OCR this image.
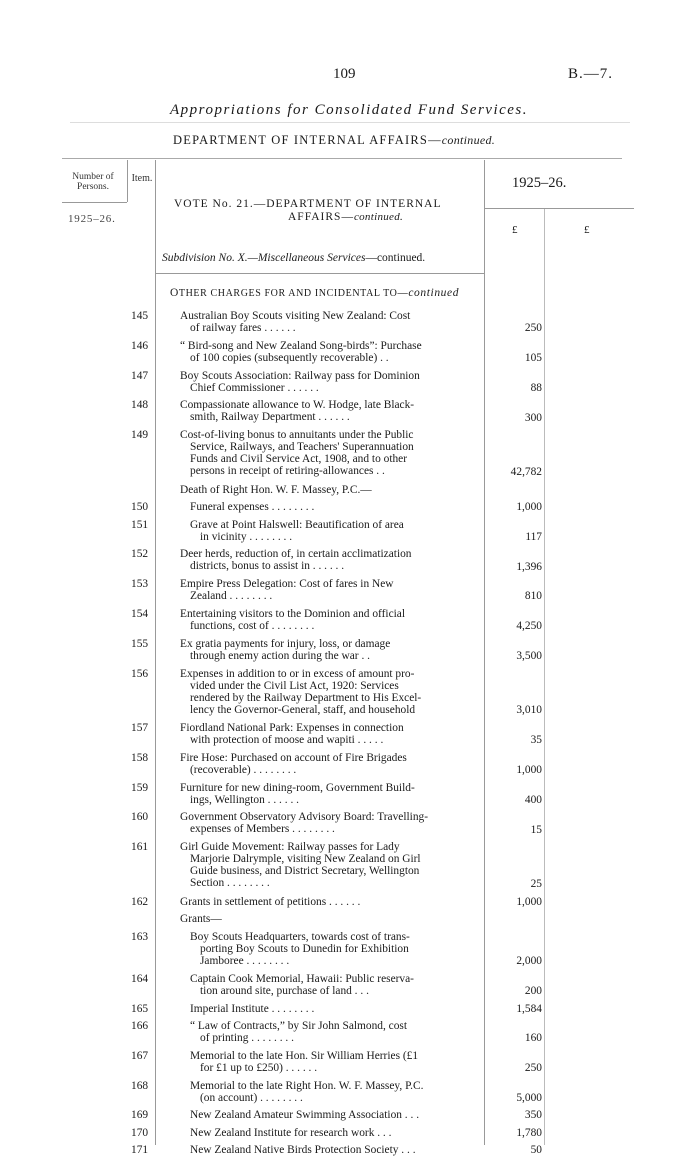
109	B.—7.
Appropriations for Consolidated Fund Services.
DEPARTMENT OF INTERNAL AFFAIRS—continued.
Number of Persons.
Item.	1925–26.
1925–26.
£	£
VOTE No. 21.—DEPARTMENT OF INTERNAL
AFFAIRS—continued.
Subdivision No. X.—Miscellaneous Services—continued.
OTHER CHARGES FOR AND INCIDENTAL TO—continued
145	Australian Boy Scouts visiting New Zealand: Cost
of railway fares . . . . . .	250
146	“ Bird-song and New Zealand Song-birds”: Purchase
of 100 copies (subsequently recoverable) . .	105
147	Boy Scouts Association: Railway pass for Dominion
Chief Commissioner . . . . . .	88
148	Compassionate allowance to W. Hodge, late Black-
smith, Railway Department . . . . . .	300
149	Cost-of-living bonus to annuitants under the Public
Service, Railways, and Teachers' Superannuation
Funds and Civil Service Act, 1908, and to other
persons in receipt of retiring-allowances . .	42,782
Death of Right Hon. W. F. Massey, P.C.—
150	Funeral expenses . . . . . . . .	1,000
151	Grave at Point Halswell: Beautification of area
in vicinity . . . . . . . .	117
152	Deer herds, reduction of, in certain acclimatization
districts, bonus to assist in . . . . . .	1,396
153	Empire Press Delegation: Cost of fares in New
Zealand . . . . . . . .	810
154	Entertaining visitors to the Dominion and official
functions, cost of . . . . . . . .	4,250
155	Ex gratia payments for injury, loss, or damage
through enemy action during the war . .	3,500
156	Expenses in addition to or in excess of amount pro-
vided under the Civil List Act, 1920: Services
rendered by the Railway Department to His Excel-
lency the Governor-General, staff, and household	3,010
157	Fiordland National Park: Expenses in connection
with protection of moose and wapiti . . . . .	35
158	Fire Hose: Purchased on account of Fire Brigades
(recoverable) . . . . . . . .	1,000
159	Furniture for new dining-room, Government Build-
ings, Wellington . . . . . .	400
160	Government Observatory Advisory Board: Travelling-
expenses of Members . . . . . . . .	15
161	Girl Guide Movement: Railway passes for Lady
Marjorie Dalrymple, visiting New Zealand on Girl
Guide business, and District Secretary, Wellington
Section . . . . . . . .	25
162	Grants in settlement of petitions . . . . . .	1,000
Grants—
163	Boy Scouts Headquarters, towards cost of trans-
porting Boy Scouts to Dunedin for Exhibition
Jamboree . . . . . . . .	2,000
164	Captain Cook Memorial, Hawaii: Public reserva-
tion around site, purchase of land . . .	200
165	Imperial Institute . . . . . . . .	1,584
166	“ Law of Contracts,” by Sir John Salmond, cost
of printing . . . . . . . .	160
167	Memorial to the late Hon. Sir William Herries (£1
for £1 up to £250) . . . . . .	250
168	Memorial to the late Right Hon. W. F. Massey, P.C.
(on account) . . . . . . . .	5,000
169	New Zealand Amateur Swimming Association . . .	350
170	New Zealand Institute for research work . . .	1,780
171	New Zealand Native Birds Protection Society . . .	50
